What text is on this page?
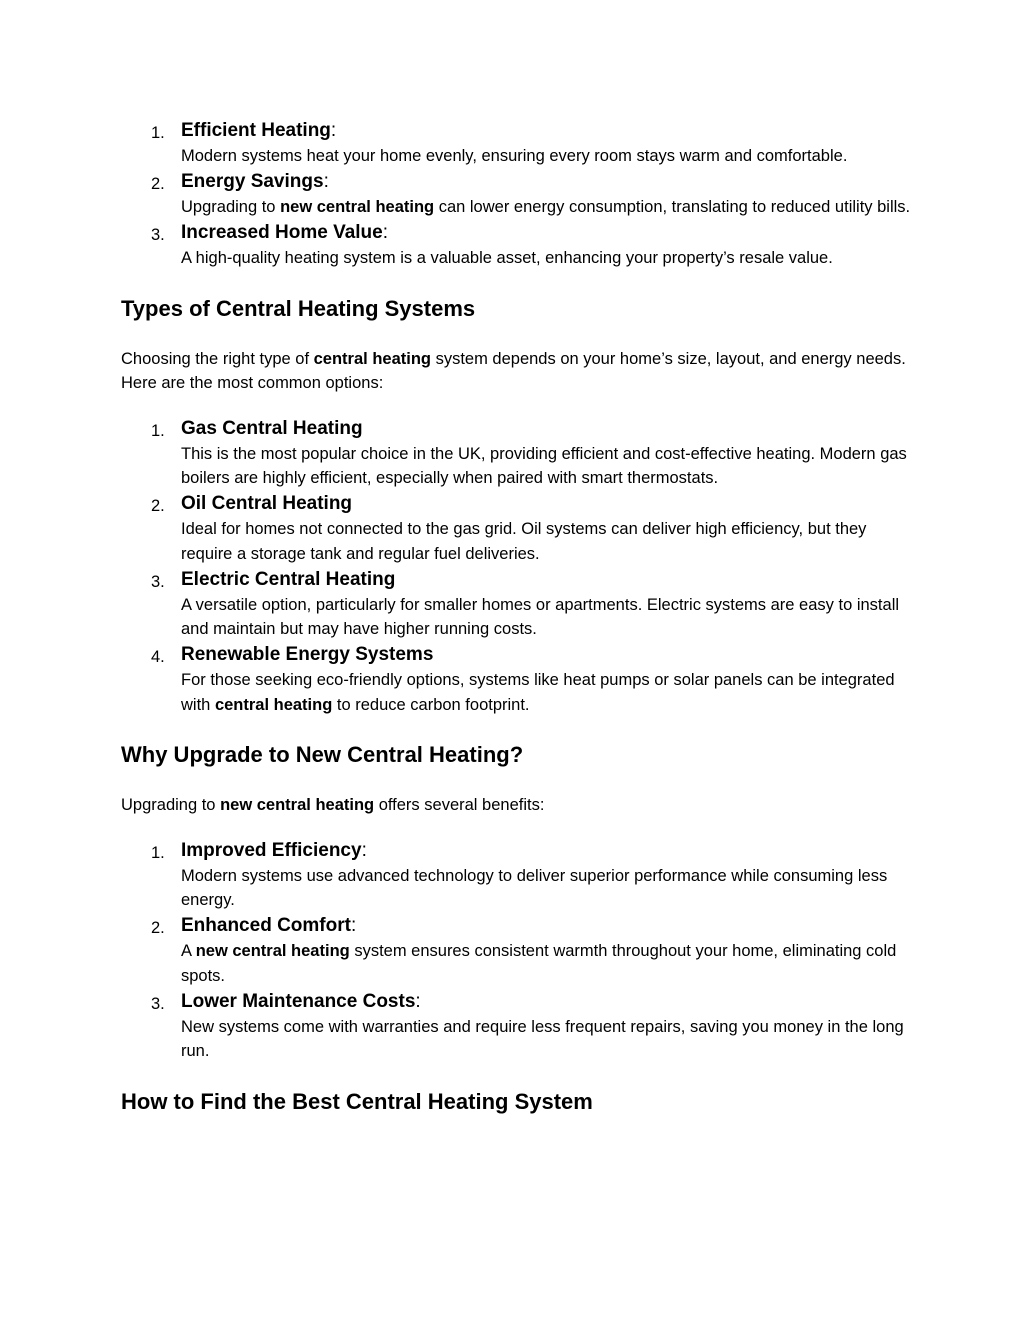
1. Efficient Heating:
Modern systems heat your home evenly, ensuring every room stays warm and comfortable.
2. Energy Savings:
Upgrading to new central heating can lower energy consumption, translating to reduced utility bills.
3. Increased Home Value:
A high-quality heating system is a valuable asset, enhancing your property’s resale value.
Types of Central Heating Systems
Choosing the right type of central heating system depends on your home’s size, layout, and energy needs. Here are the most common options:
1. Gas Central Heating
This is the most popular choice in the UK, providing efficient and cost-effective heating. Modern gas boilers are highly efficient, especially when paired with smart thermostats.
2. Oil Central Heating
Ideal for homes not connected to the gas grid. Oil systems can deliver high efficiency, but they require a storage tank and regular fuel deliveries.
3. Electric Central Heating
A versatile option, particularly for smaller homes or apartments. Electric systems are easy to install and maintain but may have higher running costs.
4. Renewable Energy Systems
For those seeking eco-friendly options, systems like heat pumps or solar panels can be integrated with central heating to reduce carbon footprint.
Why Upgrade to New Central Heating?
Upgrading to new central heating offers several benefits:
1. Improved Efficiency:
Modern systems use advanced technology to deliver superior performance while consuming less energy.
2. Enhanced Comfort:
A new central heating system ensures consistent warmth throughout your home, eliminating cold spots.
3. Lower Maintenance Costs:
New systems come with warranties and require less frequent repairs, saving you money in the long run.
How to Find the Best Central Heating System
